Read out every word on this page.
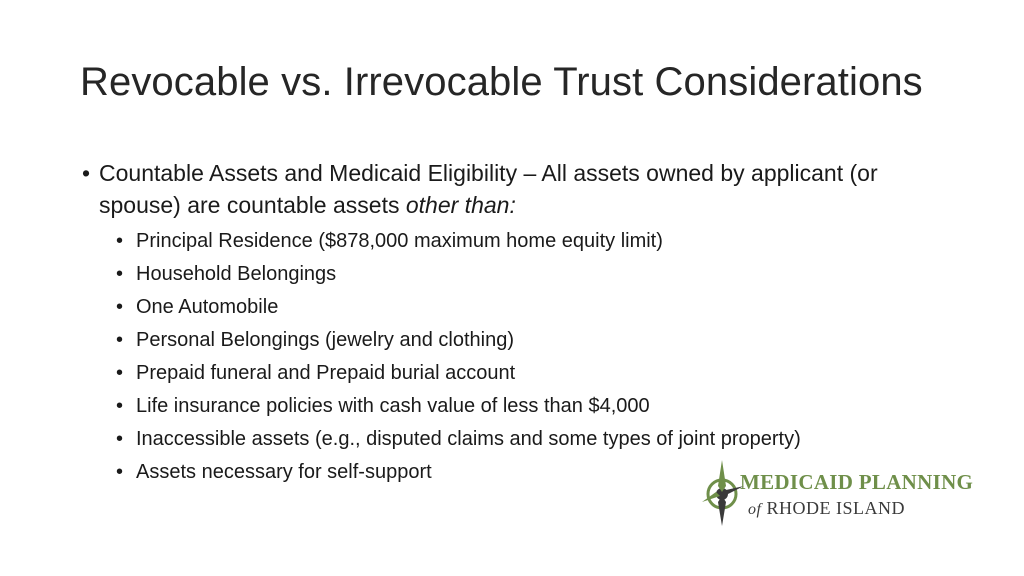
Revocable vs. Irrevocable Trust Considerations
• Countable Assets and Medicaid Eligibility – All assets owned by applicant (or spouse) are countable assets other than:
• Principal Residence ($878,000 maximum home equity limit)
• Household Belongings
• One Automobile
• Personal Belongings (jewelry and clothing)
• Prepaid funeral and Prepaid burial account
• Life insurance policies with cash value of less than $4,000
• Inaccessible assets (e.g., disputed claims and some types of joint property)
• Assets necessary for self-support	MEDICAID PLANNING
of RHODE ISLAND
